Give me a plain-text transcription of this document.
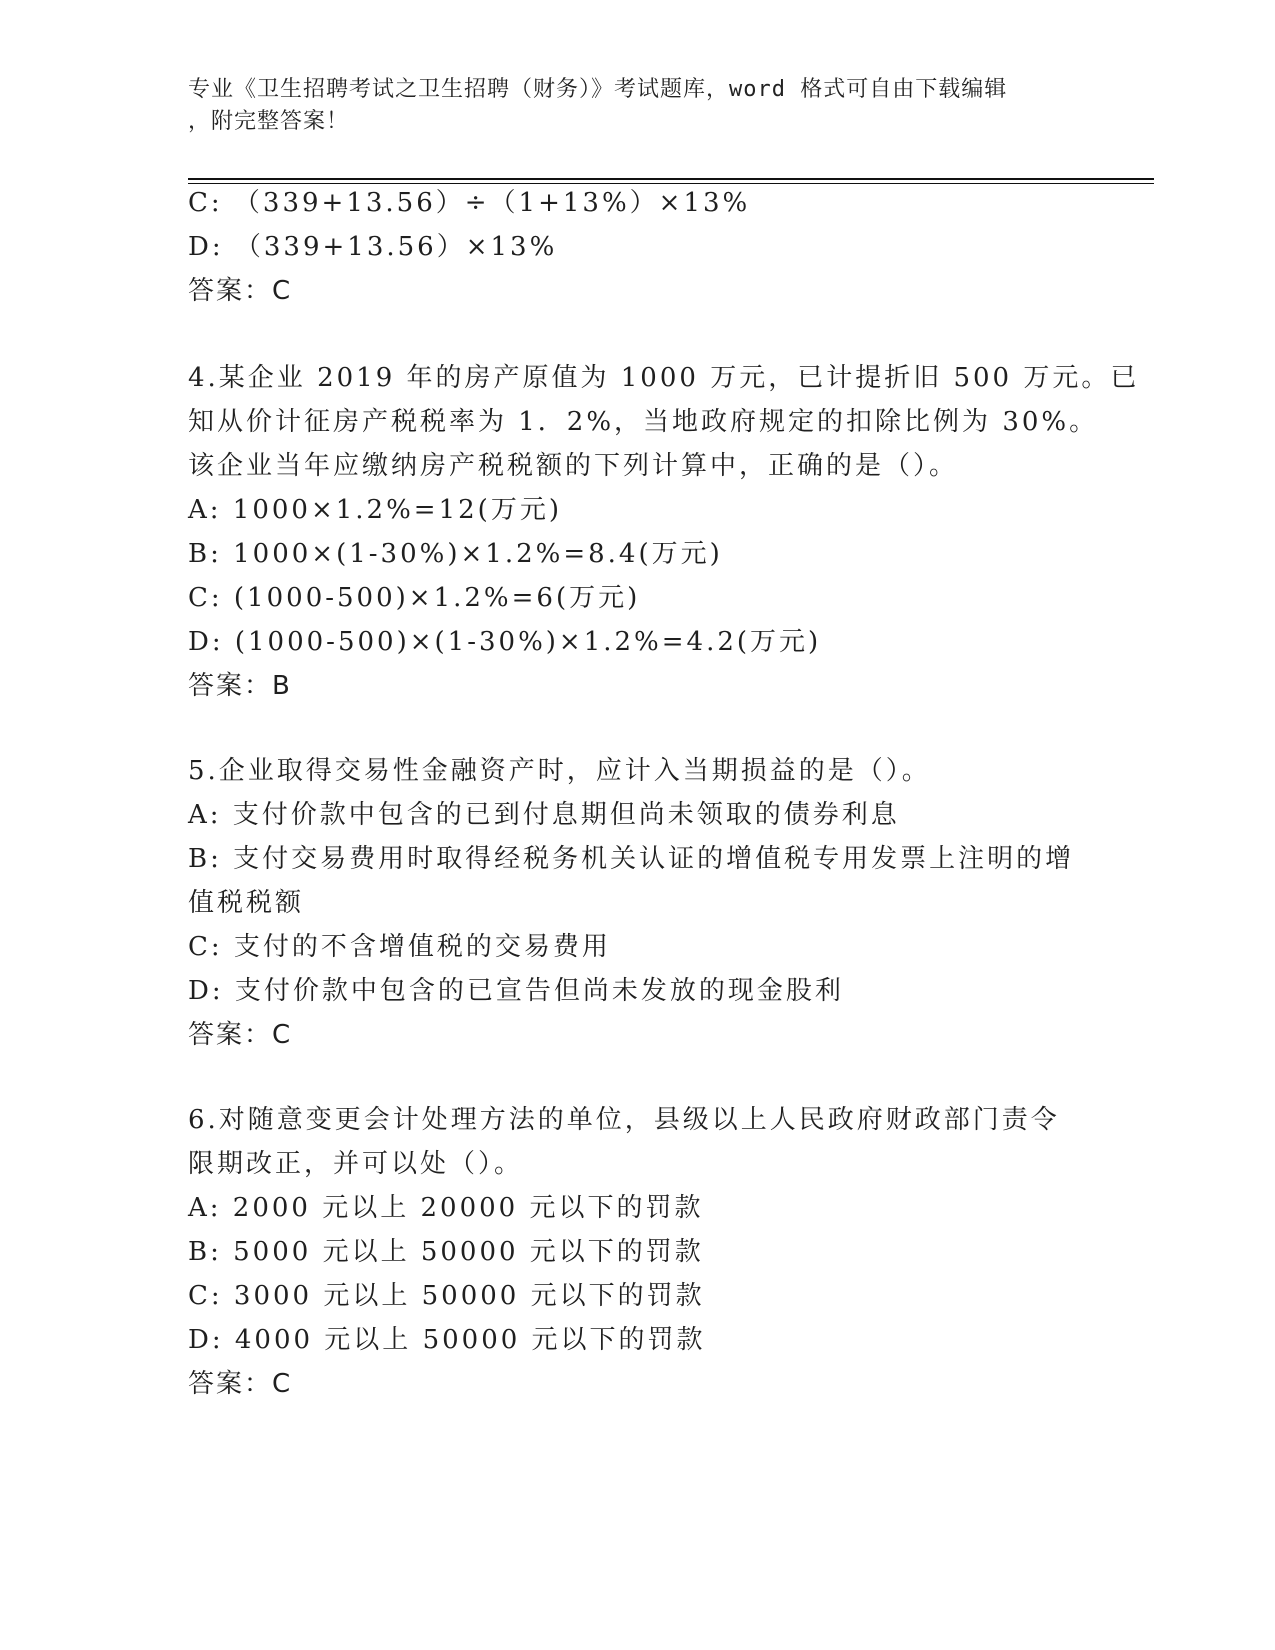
专业《卫生招聘考试之卫生招聘（财务）》考试题库，word 格式可自由下载编辑
，附完整答案！
C: （339+13.56）÷（1+13%）×13%
D: （339+13.56）×13%
答案：C
4.某企业 2019 年的房产原值为 1000 万元，已计提折旧 500 万元。已
知从价计征房产税税率为 1．2%，当地政府规定的扣除比例为 30%。
该企业当年应缴纳房产税税额的下列计算中，正确的是（）。
A: 1000×1.2%=12(万元)
B: 1000×(1-30%)×1.2%=8.4(万元)
C: (1000-500)×1.2%=6(万元)
D: (1000-500)×(1-30%)×1.2%=4.2(万元)
答案：B
5.企业取得交易性金融资产时，应计入当期损益的是（）。
A: 支付价款中包含的已到付息期但尚未领取的债券利息
B: 支付交易费用时取得经税务机关认证的增值税专用发票上注明的增
值税税额
C: 支付的不含增值税的交易费用
D: 支付价款中包含的已宣告但尚未发放的现金股利
答案：C
6.对随意变更会计处理方法的单位，县级以上人民政府财政部门责令
限期改正，并可以处（）。
A: 2000 元以上 20000 元以下的罚款
B: 5000 元以上 50000 元以下的罚款
C: 3000 元以上 50000 元以下的罚款
D: 4000 元以上 50000 元以下的罚款
答案：C
